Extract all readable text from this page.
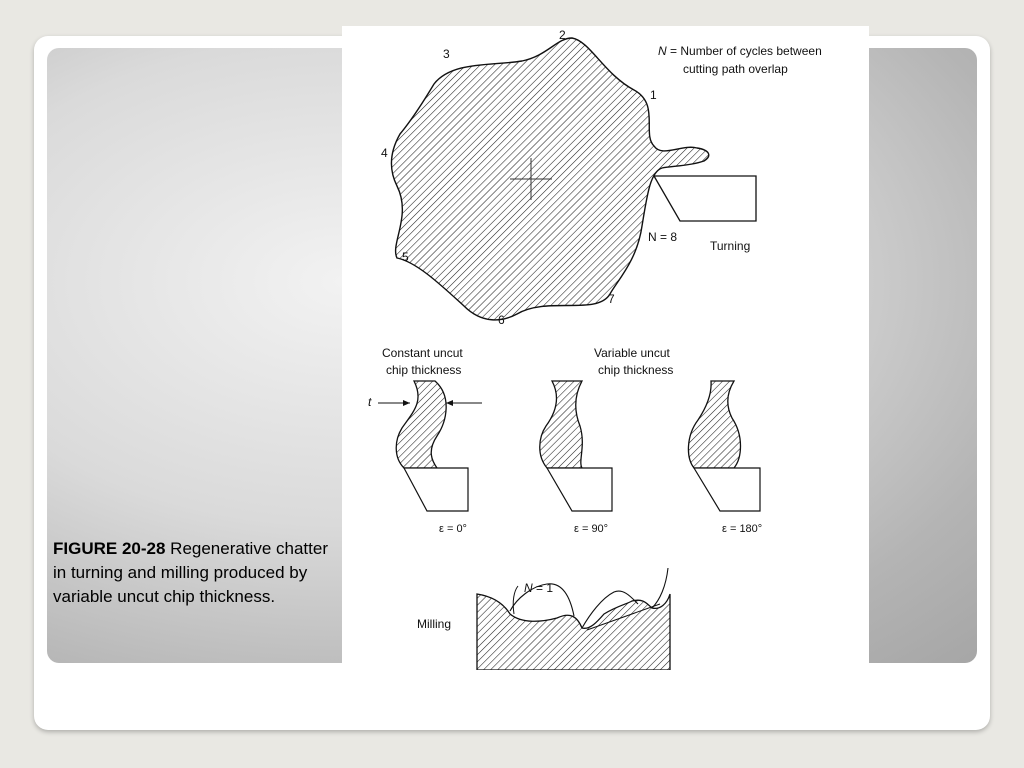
2
1
3
4
5
6
7
N = Number of cycles between
cutting path overlap
N = 8
Turning
Constant uncut
chip thickness
Variable uncut
chip thickness
t
ε = 0°	ε = 90°	ε = 180°
N = 1
Milling
FIGURE 20-28 Regenerative chatter in turning and milling produced by variable uncut chip thickness.
